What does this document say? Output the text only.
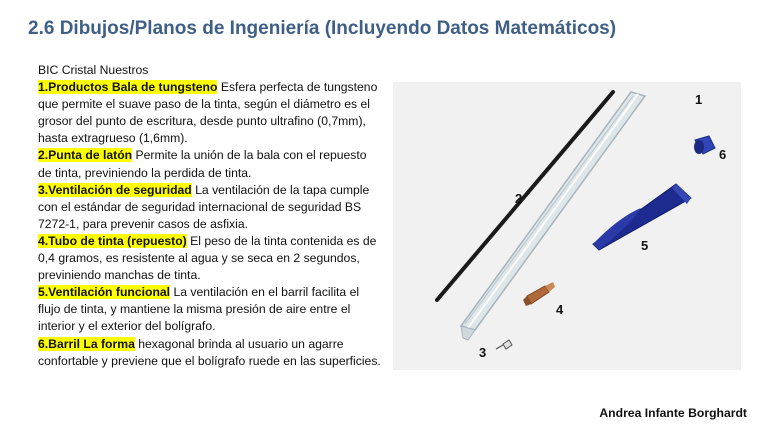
2.6 Dibujos/Planos de Ingeniería (Incluyendo Datos Matemáticos)
BIC Cristal Nuestros
1.Productos Bala de tungsteno Esfera perfecta de tungsteno que permite el suave paso de la tinta, según el diámetro es el grosor del punto de escritura, desde punto ultrafino (0,7mm), hasta extragrueso (1,6mm).
2.Punta de latón Permite la unión de la bala con el repuesto de tinta, previniendo la perdida de tinta.
3.Ventilación de seguridad La ventilación de la tapa cumple con el estándar de seguridad internacional de seguridad BS 7272-1, para prevenir casos de asfixia.
4.Tubo de tinta (repuesto) El peso de la tinta contenida es de 0,4 gramos, es resistente al agua y se seca en 2 segundos, previniendo manchas de tinta.
5.Ventilación funcional La ventilación en el barril facilita el flujo de tinta, y mantiene la misma presión de aire entre el interior y el exterior del bolígrafo.
6.Barril La forma hexagonal brinda al usuario un agarre confortable y previene que el bolígrafo ruede en las superficies.
1
2
3
4
5
6
Andrea Infante Borghardt
